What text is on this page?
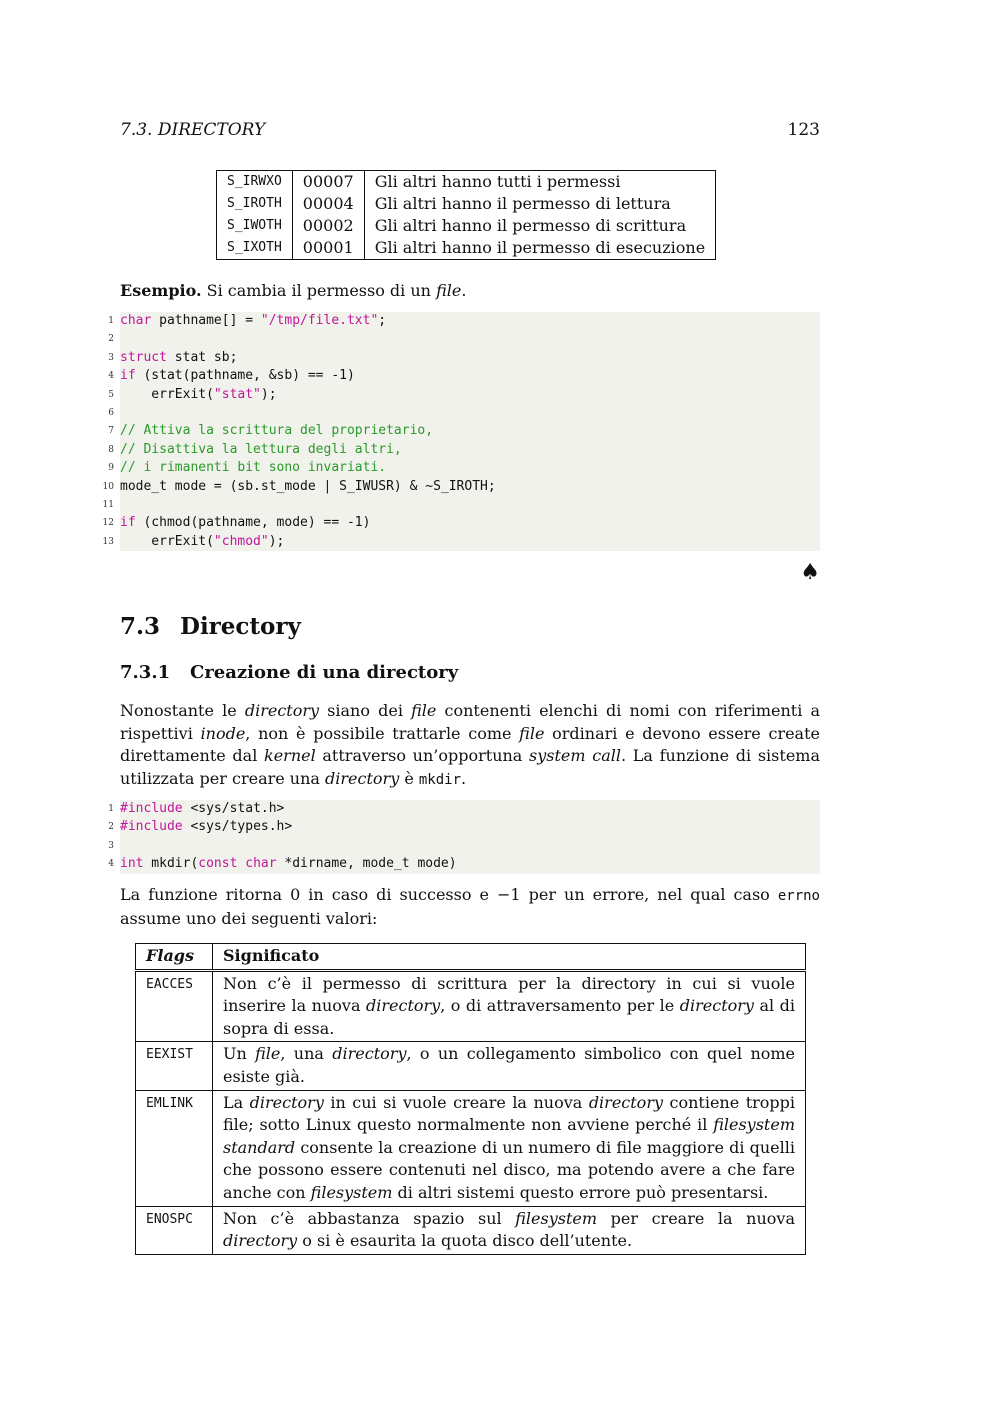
7.3. DIRECTORY	123
S_IRWXO	00007	Gli altri hanno tutti i permessi
S_IROTH	00004	Gli altri hanno il permesso di lettura
S_IWOTH	00002	Gli altri hanno il permesso di scrittura
S_IXOTH	00001	Gli altri hanno il permesso di esecuzione
Esempio. Si cambia il permesso di un file.
1 char pathname[] = "/tmp/file.txt";
2
3 struct stat sb;
4 if (stat(pathname, &sb) == -1)
5 errExit("stat");
6
7 // Attiva la scrittura del proprietario,
8 // Disattiva la lettura degli altri,
9 // i rimanenti bit sono invariati.
10 mode_t mode = (sb.st_mode | S_IWUSR) & ~S_IROTH;
11
12 if (chmod(pathname, mode) == -1)
13 errExit("chmod");
♠
7.3 Directory
7.3.1 Creazione di una directory
Nonostante le directory siano dei file contenenti elenchi di nomi con riferimenti a rispettivi inode, non è possibile trattarle come file ordinari e devono essere create direttamente dal kernel attraverso un’opportuna system call. La funzione di sistema utilizzata per creare una directory è mkdir.
1 #include <sys/stat.h>
2 #include <sys/types.h>
3
4 int mkdir(const char *dirname, mode_t mode)
La funzione ritorna 0 in caso di successo e −1 per un errore, nel qual caso errno assume uno dei seguenti valori:
Flags	Significato
EACCES	Non c’è il permesso di scrittura per la directory in cui si vuole inserire la nuova directory, o di attraversamento per le directory al di sopra di essa.
EEXIST	Un file, una directory, o un collegamento simbolico con quel nome esiste già.
EMLINK	La directory in cui si vuole creare la nuova directory contiene troppi file; sotto Linux questo normalmente non avviene perché il filesystem standard consente la creazione di un numero di file maggiore di quelli che possono essere contenuti nel disco, ma potendo avere a che fare anche con filesystem di altri sistemi questo errore può presentarsi.
ENOSPC	Non c’è abbastanza spazio sul filesystem per creare la nuova directory o si è esaurita la quota disco dell’utente.
